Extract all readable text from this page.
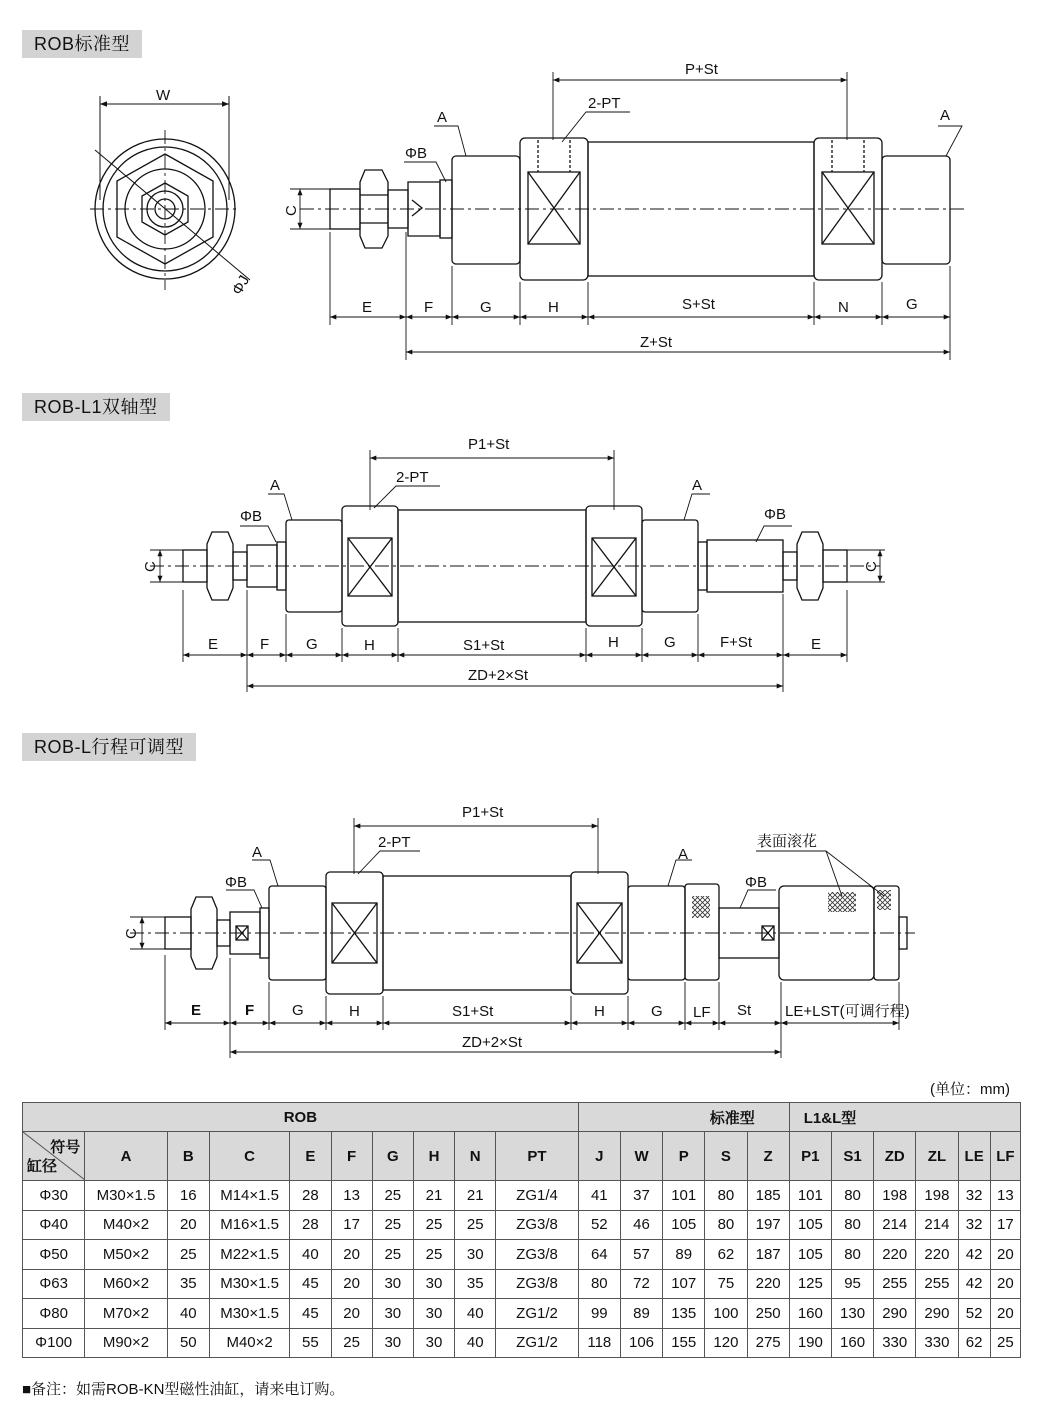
ROB标准型
ROB-L1双轴型
ROB-L行程可调型
W
ΦJ
P+St
2-PT
A	A
ΦB
C
E	F	G	H	S+St	N	G
Z+St
P1+St
2-PT
A	A
ΦB	ΦB
C	C
E	F G	H	S1+St	H	G	F+St	E
ZD+2×St
P1+St
2-PT
A	A
ΦB	ΦB
表面滚花
C
E	F	G	H	S1+St	H	G LF St LE+LST(可调行程)
ZD+2×St
(单位：mm)
ROB										标准型					L1&L型					

符号
缸径	A	B	C	E	F	G	H	N	PT	J	W	P	S	Z	P1	S1	ZD	ZL	LE	LF
Φ30	M30×1.5	16	M14×1.5	28	13	25	21	21	ZG1/4	41	37	101	80	185	101	80	198	198	32	13
Φ40	M40×2	20	M16×1.5	28	17	25	25	25	ZG3/8	52	46	105	80	197	105	80	214	214	32	17
Φ50	M50×2	25	M22×1.5	40	20	25	25	30	ZG3/8	64	57	89	62	187	105	80	220	220	42	20
Φ63	M60×2	35	M30×1.5	45	20	30	30	35	ZG3/8	80	72	107	75	220	125	95	255	255	42	20
Φ80	M70×2	40	M30×1.5	45	20	30	30	40	ZG1/2	99	89	135	100	250	160	130	290	290	52	20
Φ100	M90×2	50	M40×2	55	25	30	30	40	ZG1/2	118	106	155	120	275	190	160	330	330	62	25
■备注：如需ROB-KN型磁性油缸，请来电订购。
